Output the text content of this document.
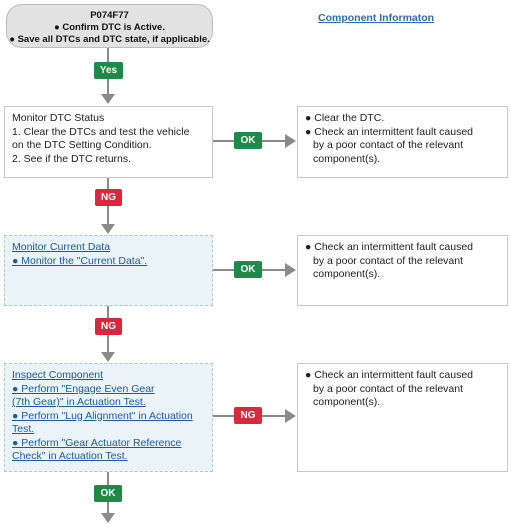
P074F77
● Confirm DTC is Active.
● Save all DTCs and DTC state, if applicable.
Component Informaton
Yes
Monitor DTC Status
1. Clear the DTCs and test the vehicle
on the DTC Setting Condition.
2. See if the DTC returns.
OK
● Clear the DTC.
● Check an intermittent fault caused
by a poor contact of the relevant
component(s).
NG
Monitor Current Data
● Monitor the "Current Data".
OK
● Check an intermittent fault caused
by a poor contact of the relevant
component(s).
NG
Inspect Component
● Perform "Engage Even Gear
(7th Gear)" in Actuation Test.
● Perform "Lug Alignment" in Actuation
Test.
● Perform "Gear Actuator Reference
Check" in Actuation Test.
NG
● Check an intermittent fault caused
by a poor contact of the relevant
component(s).
OK
